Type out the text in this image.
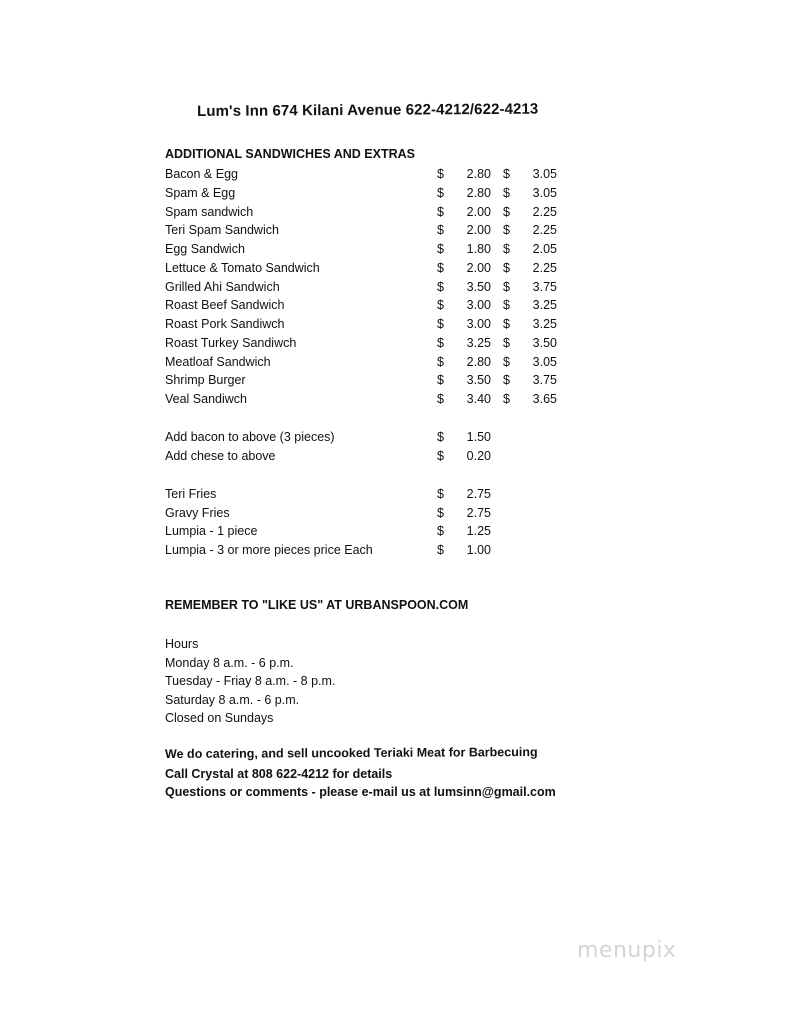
Lum's Inn 674 Kilani Avenue 622-4212/622-4213
ADDITIONAL SANDWICHES AND EXTRAS
Bacon & Egg	$	2.80 $	3.05
Spam & Egg	$	2.80 $	3.05
Spam sandwich	$	2.00 $	2.25
Teri Spam Sandwich	$	2.00 $	2.25
Egg Sandwich	$	1.80 $	2.05
Lettuce & Tomato Sandwich	$	2.00 $	2.25
Grilled Ahi Sandwich	$	3.50 $	3.75
Roast Beef Sandwich	$	3.00 $	3.25
Roast Pork Sandiwch	$	3.00 $	3.25
Roast Turkey Sandiwch	$	3.25 $	3.50
Meatloaf Sandwich	$	2.80 $	3.05
Shrimp Burger	$	3.50 $	3.75
Veal Sandiwch	$	3.40 $	3.65
Add bacon to above (3 pieces)	$	1.50
Add chese to above	$	0.20
Teri Fries	$	2.75
Gravy Fries	$	2.75
Lumpia - 1 piece	$	1.25
Lumpia - 3 or more pieces price Each	$	1.00
REMEMBER TO "LIKE US" AT URBANSPOON.COM
Hours
Monday 8 a.m. - 6 p.m.
Tuesday - Friay 8 a.m. - 8 p.m.
Saturday 8 a.m. - 6 p.m.
Closed on Sundays
We do catering, and sell uncooked Teriaki Meat for Barbecuing
Call Crystal at 808 622-4212 for details
Questions or comments - please e-mail us at lumsinn@gmail.com
menupix
